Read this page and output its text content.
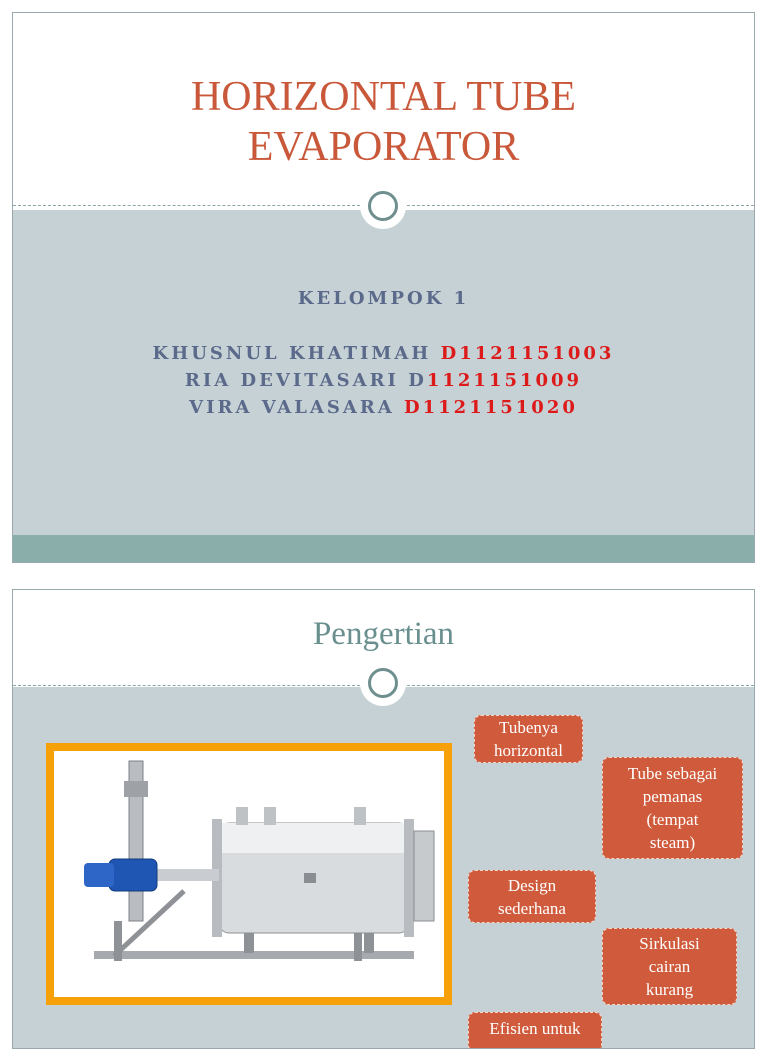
HORIZONTAL TUBE
EVAPORATOR
KELOMPOK 1
KHUSNUL KHATIMAH D1121151003
RIA DEVITASARI D1121151009
VIRA VALASARA D1121151020
Pengertian
Tubenya
horizontal
Tube sebagai
pemanas
(tempat
steam)
Design
sederhana
Sirkulasi
cairan
kurang
Efisien untuk
